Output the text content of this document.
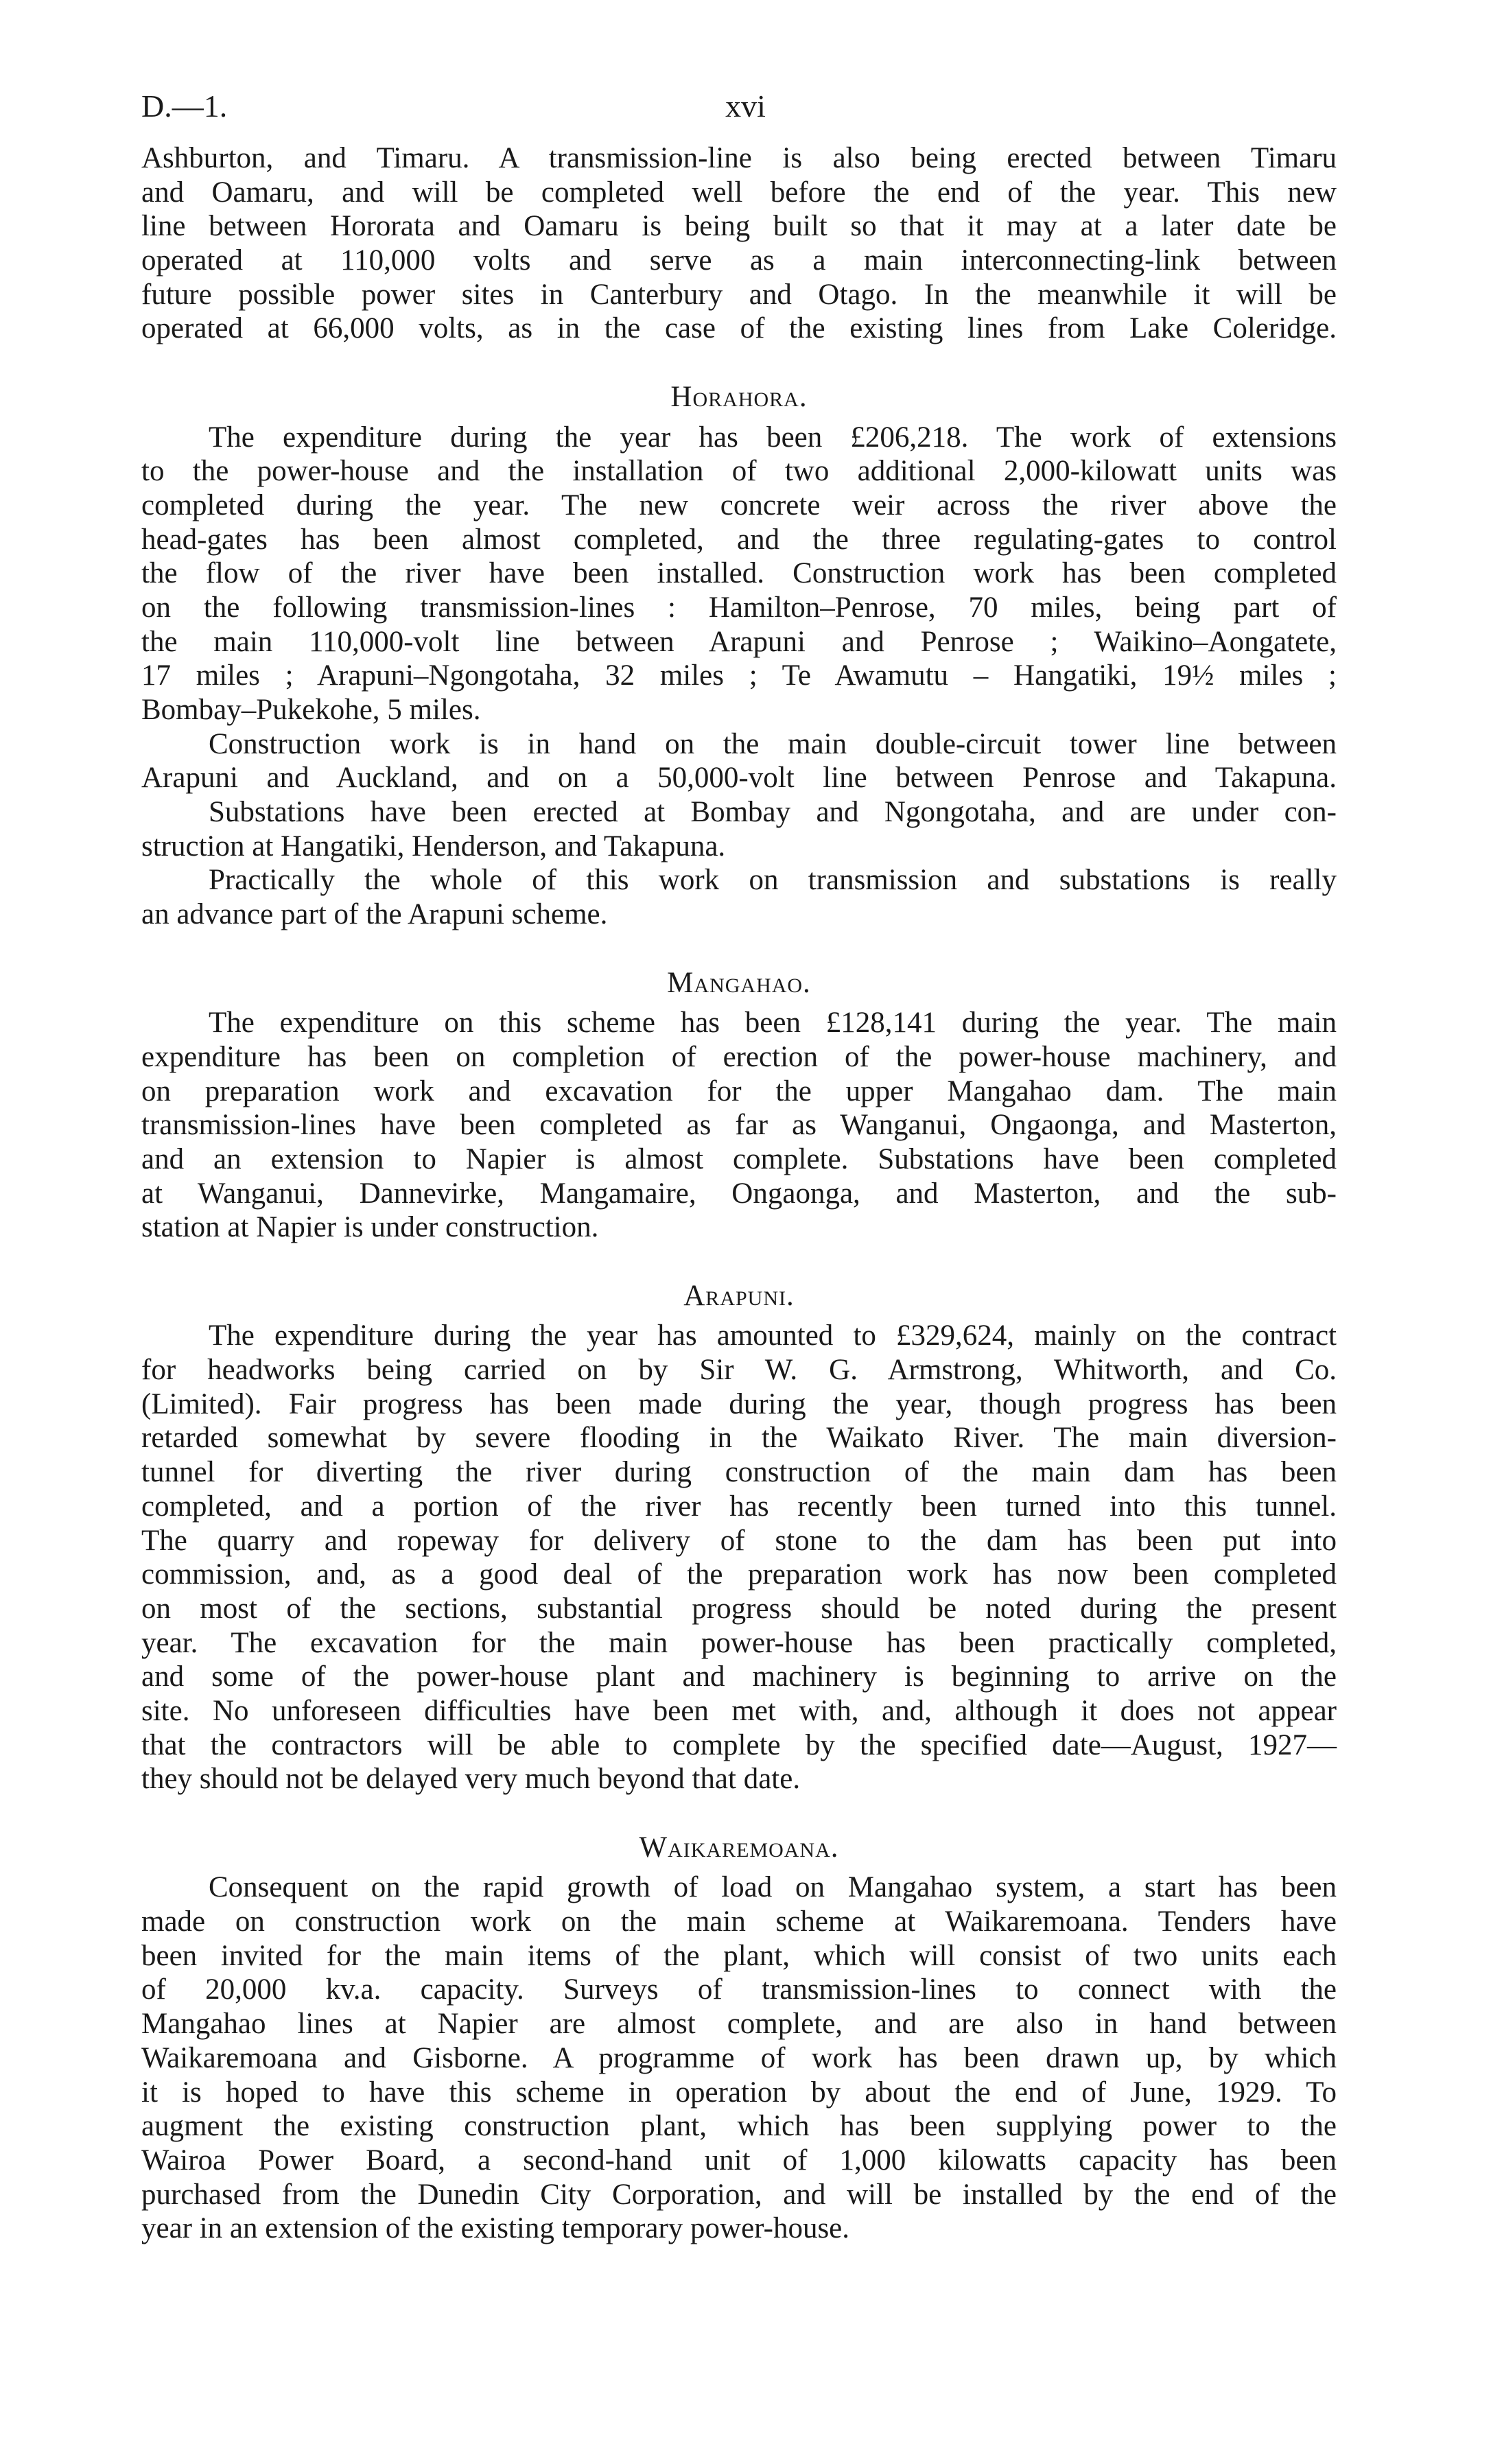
D.—1.	xvi
Ashburton, and Timaru. A transmission-line is also being erected between Timaru
and Oamaru, and will be completed well before the end of the year. This new
line between Hororata and Oamaru is being built so that it may at a later date be
operated at 110,000 volts and serve as a main interconnecting-link between
future possible power sites in Canterbury and Otago. In the meanwhile it will be
operated at 66,000 volts, as in the case of the existing lines from Lake Coleridge.
Horahora.
The expenditure during the year has been £206,218. The work of extensions
to the power-house and the installation of two additional 2,000-kilowatt units was
completed during the year. The new concrete weir across the river above the
head-gates has been almost completed, and the three regulating-gates to control
the flow of the river have been installed. Construction work has been completed
on the following transmission-lines : Hamilton–Penrose, 70 miles, being part of
the main 110,000-volt line between Arapuni and Penrose ; Waikino–Aongatete,
17 miles ; Arapuni–Ngongotaha, 32 miles ; Te Awamutu – Hangatiki, 19½ miles ;
Bombay–Pukekohe, 5 miles.
Construction work is in hand on the main double-circuit tower line between
Arapuni and Auckland, and on a 50,000-volt line between Penrose and Takapuna.
Substations have been erected at Bombay and Ngongotaha, and are under con-
struction at Hangatiki, Henderson, and Takapuna.
Practically the whole of this work on transmission and substations is really
an advance part of the Arapuni scheme.
Mangahao.
The expenditure on this scheme has been £128,141 during the year. The main
expenditure has been on completion of erection of the power-house machinery, and
on preparation work and excavation for the upper Mangahao dam. The main
transmission-lines have been completed as far as Wanganui, Ongaonga, and Masterton,
and an extension to Napier is almost complete. Substations have been completed
at Wanganui, Dannevirke, Mangamaire, Ongaonga, and Masterton, and the sub-
station at Napier is under construction.
Arapuni.
The expenditure during the year has amounted to £329,624, mainly on the contract
for headworks being carried on by Sir W. G. Armstrong, Whitworth, and Co.
(Limited). Fair progress has been made during the year, though progress has been
retarded somewhat by severe flooding in the Waikato River. The main diversion-
tunnel for diverting the river during construction of the main dam has been
completed, and a portion of the river has recently been turned into this tunnel.
The quarry and ropeway for delivery of stone to the dam has been put into
commission, and, as a good deal of the preparation work has now been completed
on most of the sections, substantial progress should be noted during the present
year. The excavation for the main power-house has been practically completed,
and some of the power-house plant and machinery is beginning to arrive on the
site. No unforeseen difficulties have been met with, and, although it does not appear
that the contractors will be able to complete by the specified date—August, 1927—
they should not be delayed very much beyond that date.
Waikaremoana.
Consequent on the rapid growth of load on Mangahao system, a start has been
made on construction work on the main scheme at Waikaremoana. Tenders have
been invited for the main items of the plant, which will consist of two units each
of 20,000 kv.a. capacity. Surveys of transmission-lines to connect with the
Mangahao lines at Napier are almost complete, and are also in hand between
Waikaremoana and Gisborne. A programme of work has been drawn up, by which
it is hoped to have this scheme in operation by about the end of June, 1929. To
augment the existing construction plant, which has been supplying power to the
Wairoa Power Board, a second-hand unit of 1,000 kilowatts capacity has been
purchased from the Dunedin City Corporation, and will be installed by the end of the
year in an extension of the existing temporary power-house.
